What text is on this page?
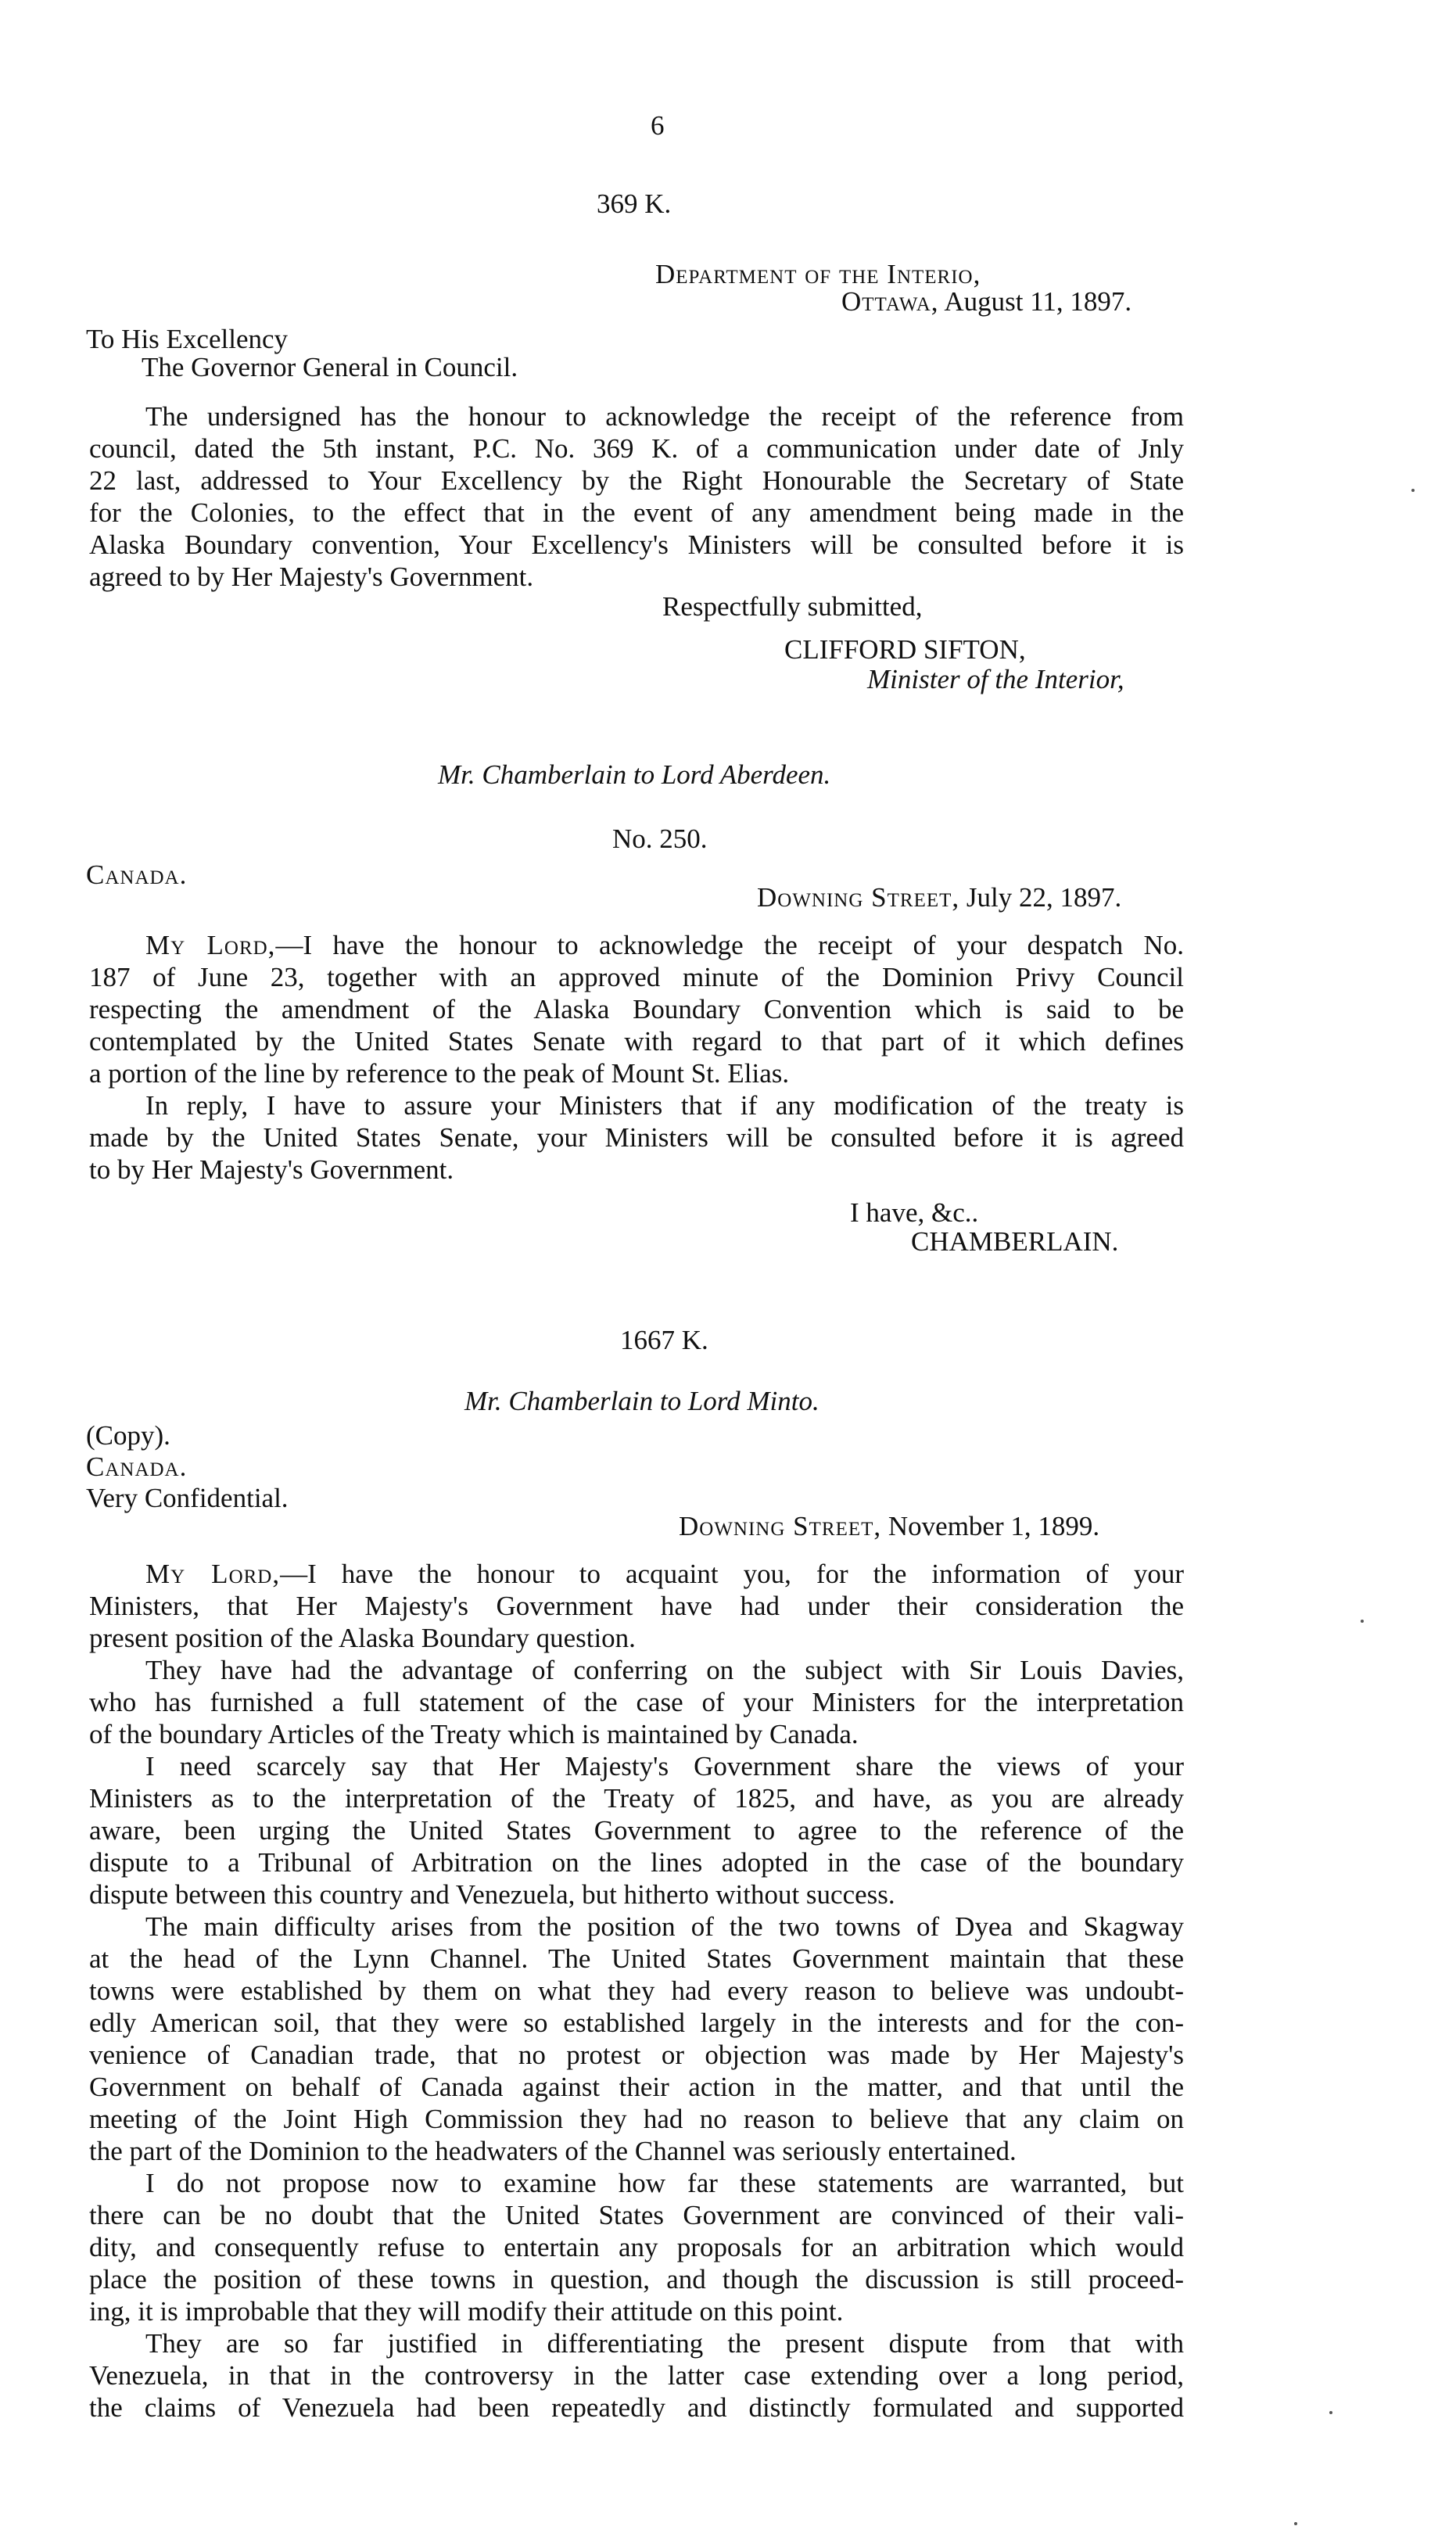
6
369 K.
Department of the Interio,
Ottawa, August 11, 1897.
To His Excellency
The Governor General in Council.

The undersigned has the honour to acknowledge the receipt of the reference from

council, dated the 5th instant, P.C. No. 369 K. of a communication under date of Jnly

22 last, addressed to Your Excellency by the Right Honourable the Secretary of State

for the Colonies, to the effect that in the event of any amendment being made in the

Alaska Boundary convention, Your Excellency's Ministers will be consulted before it is

agreed to by Her Majesty's Government.

Respectfully submitted,
CLIFFORD SIFTON,
Minister of the Interior,
Mr. Chamberlain to Lord Aberdeen.
No. 250.
Canada.
Downing Street, July 22, 1897.

My Lord,—I have the honour to acknowledge the receipt of your despatch No.

187 of June 23, together with an approved minute of the Dominion Privy Council

respecting the amendment of the Alaska Boundary Convention which is said to be

contemplated by the United States Senate with regard to that part of it which defines

a portion of the line by reference to the peak of Mount St. Elias.

In reply, I have to assure your Ministers that if any modification of the treaty is

made by the United States Senate, your Ministers will be consulted before it is agreed

to by Her Majesty's Government.

I have, &c..
CHAMBERLAIN.
1667 K.
Mr. Chamberlain to Lord Minto.
(Copy).
Canada.
Very Confidential.
Downing Street, November 1, 1899.

My Lord,—I have the honour to acquaint you, for the information of your

Ministers, that Her Majesty's Government have had under their consideration the

present position of the Alaska Boundary question.

They have had the advantage of conferring on the subject with Sir Louis Davies,

who has furnished a full statement of the case of your Ministers for the interpretation

of the boundary Articles of the Treaty which is maintained by Canada.

I need scarcely say that Her Majesty's Government share the views of your

Ministers as to the interpretation of the Treaty of 1825, and have, as you are already

aware, been urging the United States Government to agree to the reference of the

dispute to a Tribunal of Arbitration on the lines adopted in the case of the boundary

dispute between this country and Venezuela, but hitherto without success.

The main difficulty arises from the position of the two towns of Dyea and Skagway

at the head of the Lynn Channel. The United States Government maintain that these

towns were established by them on what they had every reason to believe was undoubt-

edly American soil, that they were so established largely in the interests and for the con-

venience of Canadian trade, that no protest or objection was made by Her Majesty's

Government on behalf of Canada against their action in the matter, and that until the

meeting of the Joint High Commission they had no reason to believe that any claim on

the part of the Dominion to the headwaters of the Channel was seriously entertained.

I do not propose now to examine how far these statements are warranted, but

there can be no doubt that the United States Government are convinced of their vali-

dity, and consequently refuse to entertain any proposals for an arbitration which would

place the position of these towns in question, and though the discussion is still proceed-

ing, it is improbable that they will modify their attitude on this point.

They are so far justified in differentiating the present dispute from that with

Venezuela, in that in the controversy in the latter case extending over a long period,

the claims of Venezuela had been repeatedly and distinctly formulated and supported
